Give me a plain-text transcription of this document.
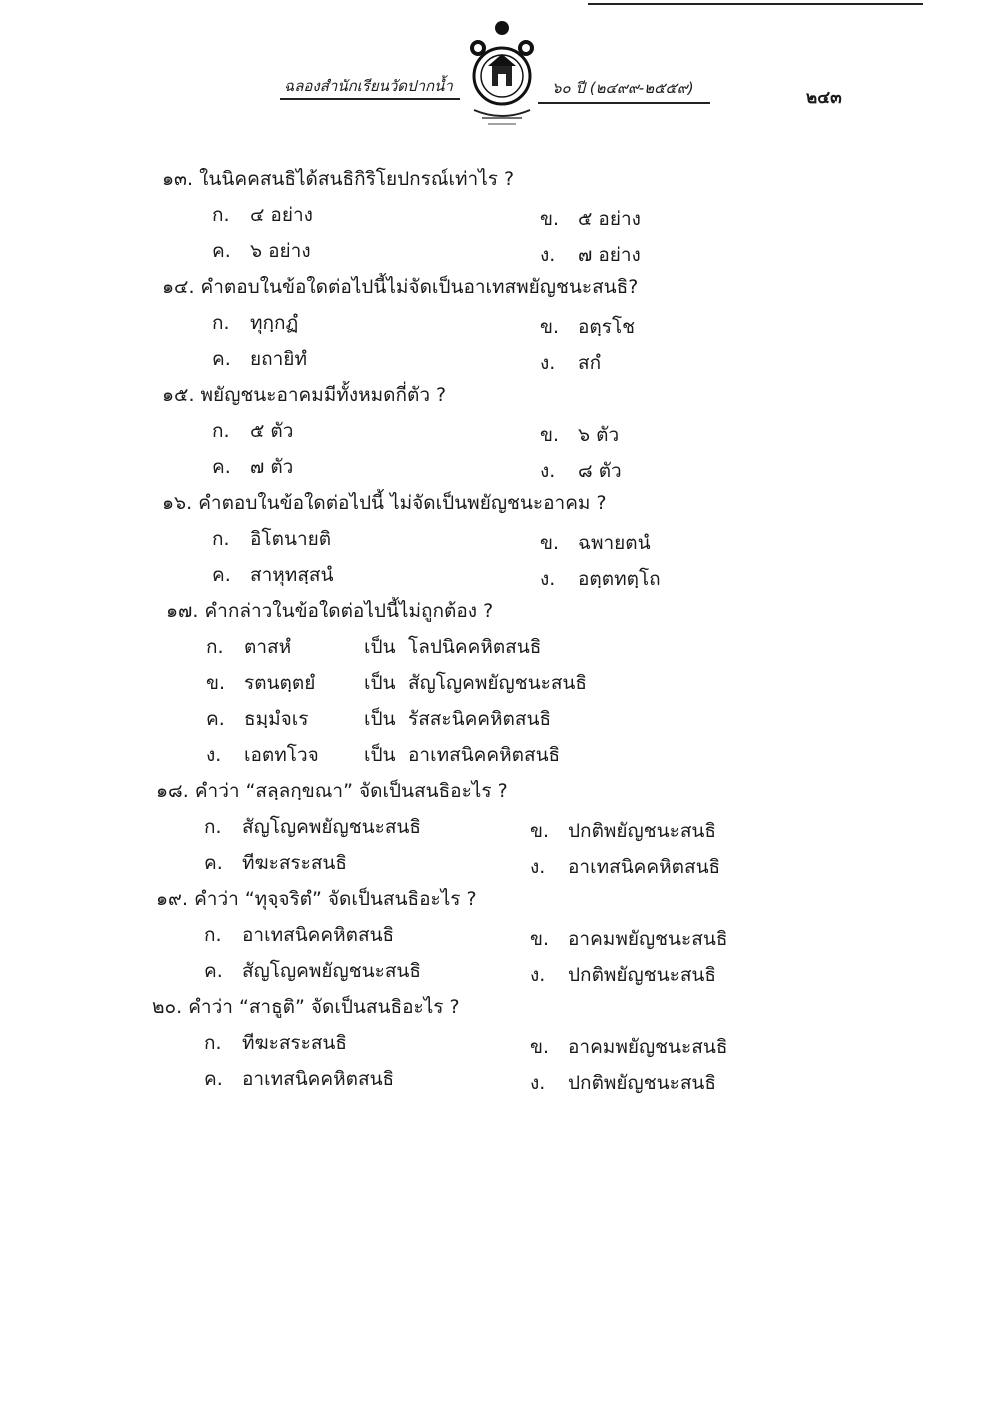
ฉลองสำนักเรียนวัดปากน้ำ	๖๐ ปี (๒๔๙๙-๒๕๕๙)	๒๔๓
๑๓. ในนิคคสนธิได้สนธิกิริโยปกรณ์เท่าไร ?
ก. ๔ อย่าง	ข. ๕ อย่าง
ค. ๖ อย่าง	ง. ๗ อย่าง
๑๔. คำตอบในข้อใดต่อไปนี้ไม่จัดเป็นอาเทสพยัญชนะสนธิ?
ก. ทุกฺกฏํ	ข. อตฺรโช
ค. ยถายิทํ	ง. สกํ
๑๕. พยัญชนะอาคมมีทั้งหมดกี่ตัว ?
ก. ๕ ตัว	ข. ๖ ตัว
ค. ๗ ตัว	ง. ๘ ตัว
๑๖. คำตอบในข้อใดต่อไปนี้ ไม่จัดเป็นพยัญชนะอาคม ?
ก. อิโตนายติ	ข. ฉพายตนํ
ค. สาหุทสฺสนํ	ง. อตฺตทตฺโถ
๑๗. คำกล่าวในข้อใดต่อไปนี้ไม่ถูกต้อง ?
ก. ตาสหํ	เป็น โลปนิคคหิตสนธิ
ข. รตนตฺตยํ	เป็น สัญโญคพยัญชนะสนธิ
ค. ธมฺมํจเร	เป็น รัสสะนิคคหิตสนธิ
ง. เอตทโวจ เป็น อาเทสนิคคหิตสนธิ
๑๘. คำว่า “สลฺลกฺขณา” จัดเป็นสนธิอะไร ?
ก. สัญโญคพยัญชนะสนธิ	ข. ปกติพยัญชนะสนธิ
ค. ทีฆะสระสนธิ	ง. อาเทสนิคคหิตสนธิ
๑๙. คำว่า “ทุจฺจริตํ” จัดเป็นสนธิอะไร ?
ก. อาเทสนิคคหิตสนธิ	ข. อาคมพยัญชนะสนธิ
ค. สัญโญคพยัญชนะสนธิ	ง. ปกติพยัญชนะสนธิ
๒๐. คำว่า “สาธูติ” จัดเป็นสนธิอะไร ?
ก. ทีฆะสระสนธิ	ข. อาคมพยัญชนะสนธิ
ค. อาเทสนิคคหิตสนธิ	ง. ปกติพยัญชนะสนธิ
